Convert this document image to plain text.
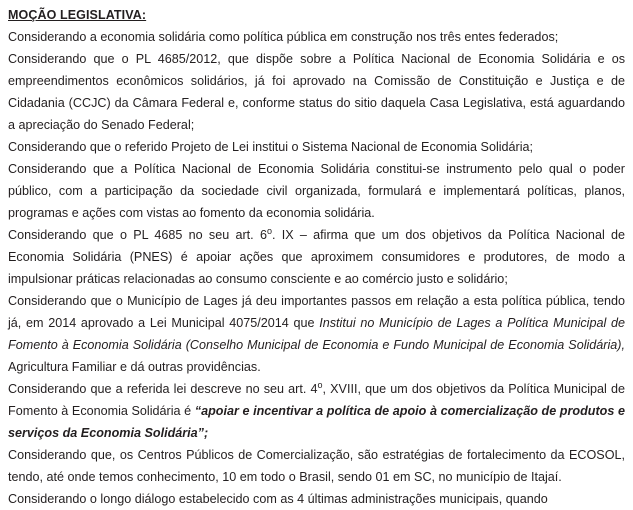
MOÇÃO LEGISLATIVA:

Considerando a economia solidária como política pública em construção nos três entes federados;

Considerando que o PL 4685/2012, que dispõe sobre a Política Nacional de Economia Solidária e os empreendimentos econômicos solidários, já foi aprovado na Comissão de Constituição e Justiça e de Cidadania (CCJC) da Câmara Federal e, conforme status do sitio daquela Casa Legislativa, está aguardando a apreciação do Senado Federal;

Considerando que o referido Projeto de Lei institui o Sistema Nacional de Economia Solidária;

Considerando que a Política Nacional de Economia Solidária constitui-se instrumento pelo qual o poder público, com a participação da sociedade civil organizada, formulará e implementará políticas, planos, programas e ações com vistas ao fomento da economia solidária.

Considerando que o PL 4685 no seu art. 6$^o$. IX – afirma que um dos objetivos da Política Nacional de Economia Solidária (PNES) é apoiar ações que aproximem consumidores e produtores, de modo a impulsionar práticas relacionadas ao consumo consciente e ao comércio justo e solidário;

Considerando que o Município de Lages já deu importantes passos em relação a esta política pública, tendo já, em 2014 aprovado a Lei Municipal 4075/2014 que Institui no Município de Lages a Política Municipal de Fomento à Economia Solidária (Conselho Municipal de Economia e Fundo Municipal de Economia Solidária), Agricultura Familiar e dá outras providências.

Considerando que a referida lei descreve no seu art. 4$^o$, XVIII, que um dos objetivos da Política Municipal de Fomento à Economia Solidária é “apoiar e incentivar a política de apoio à comercialização de produtos e serviços da Economia Solidária”;

Considerando que, os Centros Públicos de Comercialização, são estratégias de fortalecimento da ECOSOL, tendo, até onde temos conhecimento, 10 em todo o Brasil, sendo 01 em SC, no município de Itajaí.

Considerando o longo diálogo estabelecido com as 4 últimas administrações municipais, quando
